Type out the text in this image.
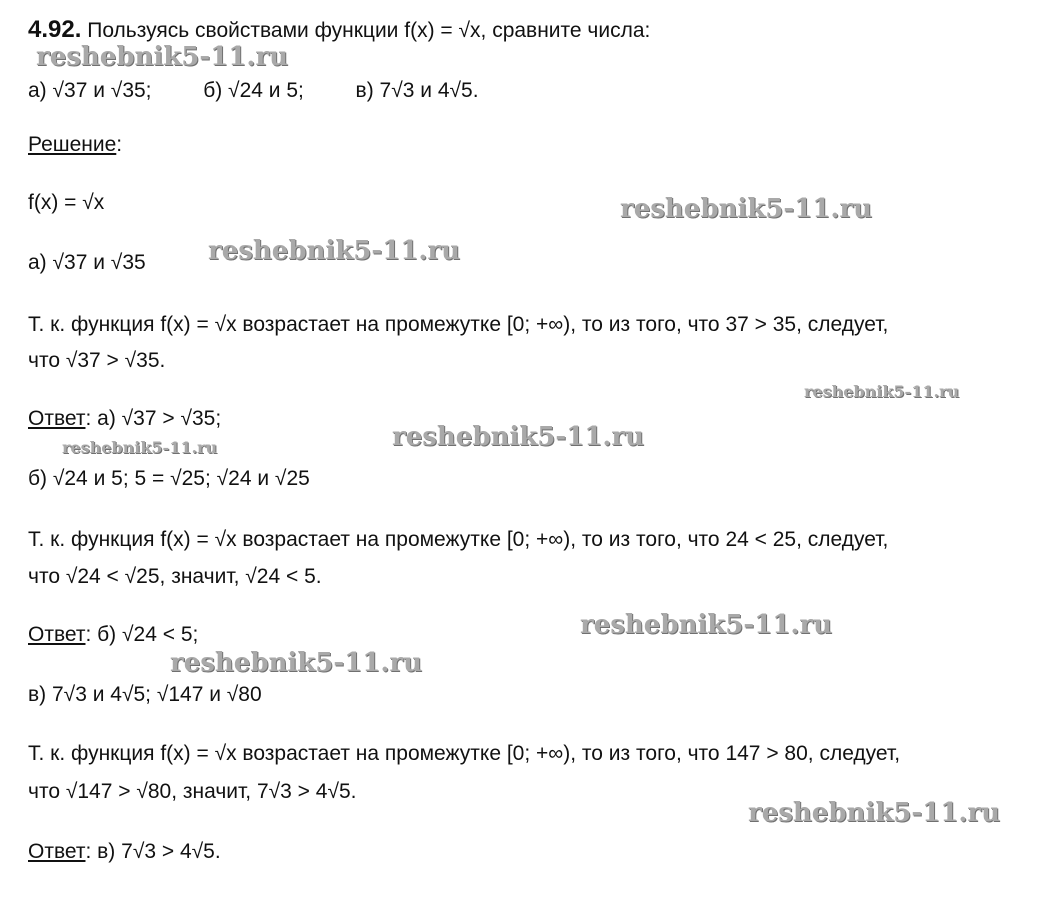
4.92. Пользуясь свойствами функции f(x) = √x, сравните числа:
а) √37 и √35; б) √24 и 5; в) 7√3 и 4√5.
Решение:
f(x) = √x
а) √37 и √35
Т. к. функция f(x) = √x возрастает на промежутке [0; +∞), то из того, что 37 > 35, следует,
что √37 > √35.
Ответ: а) √37 > √35;
б) √24 и 5; 5 = √25; √24 и √25
Т. к. функция f(x) = √x возрастает на промежутке [0; +∞), то из того, что 24 < 25, следует,
что √24 < √25, значит, √24 < 5.
Ответ: б) √24 < 5;
в) 7√3 и 4√5; √147 и √80
Т. к. функция f(x) = √x возрастает на промежутке [0; +∞), то из того, что 147 > 80, следует,
что √147 > √80, значит, 7√3 > 4√5.
Ответ: в) 7√3 > 4√5.
reshebnik5-11.ru
reshebnik5-11.ru
reshebnik5-11.ru
reshebnik5-11.ru
reshebnik5-11.ru
reshebnik5-11.ru
reshebnik5-11.ru
reshebnik5-11.ru
reshebnik5-11.ru
